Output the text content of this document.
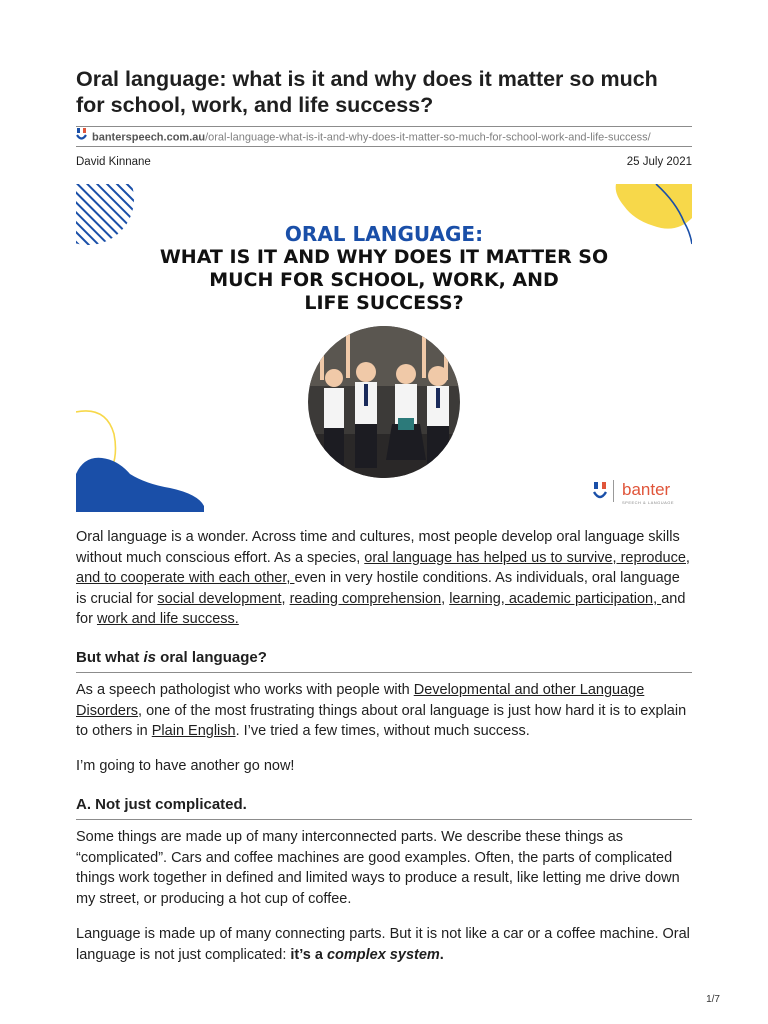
Oral language: what is it and why does it matter so much for school, work, and life success?
banterspeech.com.au/oral-language-what-is-it-and-why-does-it-matter-so-much-for-school-work-and-life-success/
David Kinnane	25 July 2021
ORAL LANGUAGE:
WHAT IS IT AND WHY DOES IT MATTER SO
MUCH FOR SCHOOL, WORK, AND
LIFE SUCCESS?
banter
SPEECH & LANGUAGE

Oral language is a wonder. Across time and cultures, most people develop oral language skills without much conscious effort. As a species, oral language has helped us to survive, reproduce, and to cooperate with each other, even in very hostile conditions. As individuals, oral language is crucial for social development, reading comprehension, learning, academic participation, and for work and life success.

But what is oral language?

As a speech pathologist who works with people with Developmental and other Language Disorders, one of the most frustrating things about oral language is just how hard it is to explain to others in Plain English. I’ve tried a few times, without much success.

I’m going to have another go now!

A. Not just complicated.

Some things are made up of many interconnected parts. We describe these things as “complicated”. Cars and coffee machines are good examples. Often, the parts of complicated things work together in defined and limited ways to produce a result, like letting me drive down my street, or producing a hot cup of coffee.

Language is made up of many connecting parts. But it is not like a car or a coffee machine. Oral language is not just complicated: it’s a complex system.

1/7
